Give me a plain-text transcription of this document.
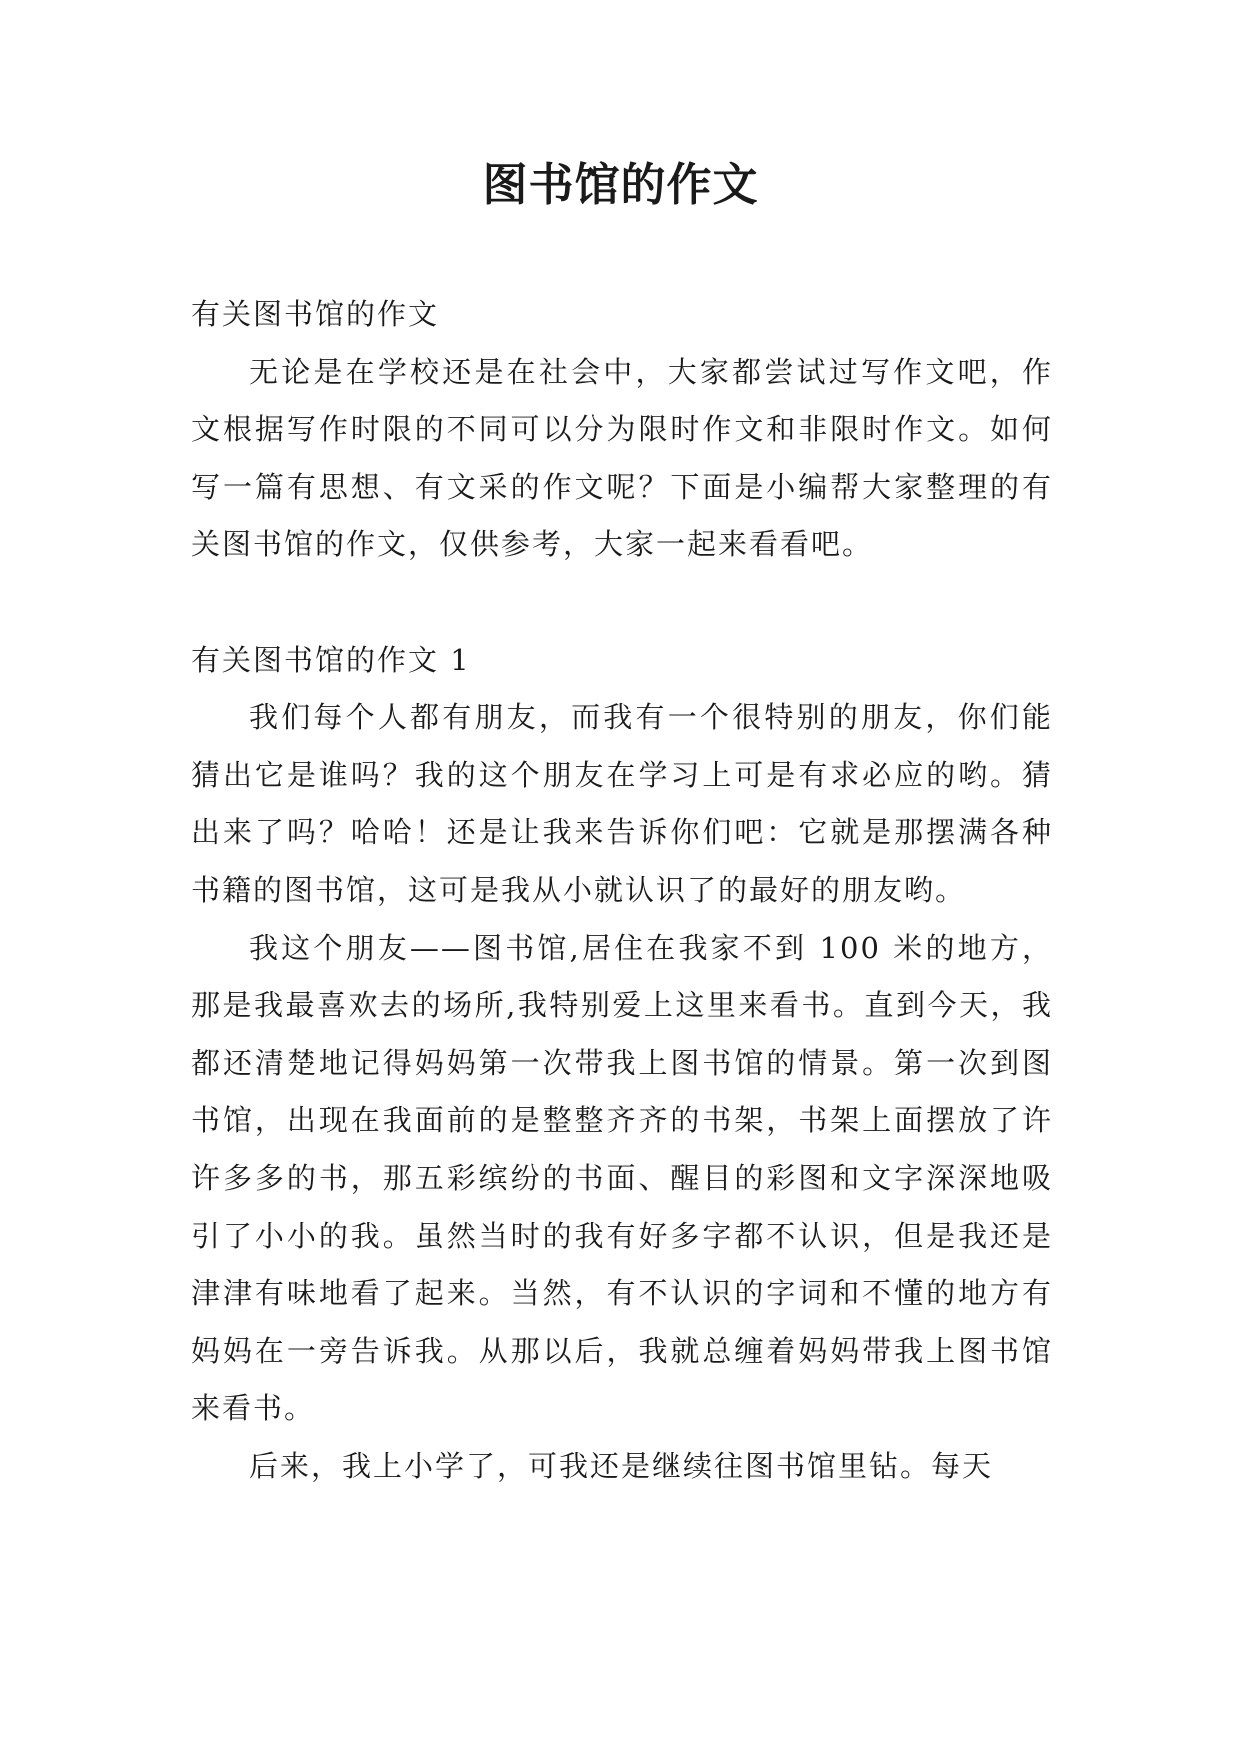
图书馆的作文
有关图书馆的作文

无论是在学校还是在社会中，大家都尝试过写作文吧，作文根据写作时限的不同可以分为限时作文和非限时作文。如何写一篇有思想、有文采的作文呢？下面是小编帮大家整理的有关图书馆的作文，仅供参考，大家一起来看看吧。

有关图书馆的作文 1

我们每个人都有朋友，而我有一个很特别的朋友，你们能猜出它是谁吗？我的这个朋友在学习上可是有求必应的哟。猜出来了吗？哈哈！还是让我来告诉你们吧：它就是那摆满各种书籍的图书馆，这可是我从小就认识了的最好的朋友哟。

我这个朋友——图书馆,居住在我家不到 100 米的地方，那是我最喜欢去的场所,我特别爱上这里来看书。直到今天，我都还清楚地记得妈妈第一次带我上图书馆的情景。第一次到图书馆，出现在我面前的是整整齐齐的书架，书架上面摆放了许许多多的书，那五彩缤纷的书面、醒目的彩图和文字深深地吸引了小小的我。虽然当时的我有好多字都不认识，但是我还是津津有味地看了起来。当然，有不认识的字词和不懂的地方有妈妈在一旁告诉我。从那以后，我就总缠着妈妈带我上图书馆来看书。

后来，我上小学了，可我还是继续往图书馆里钻。每天
